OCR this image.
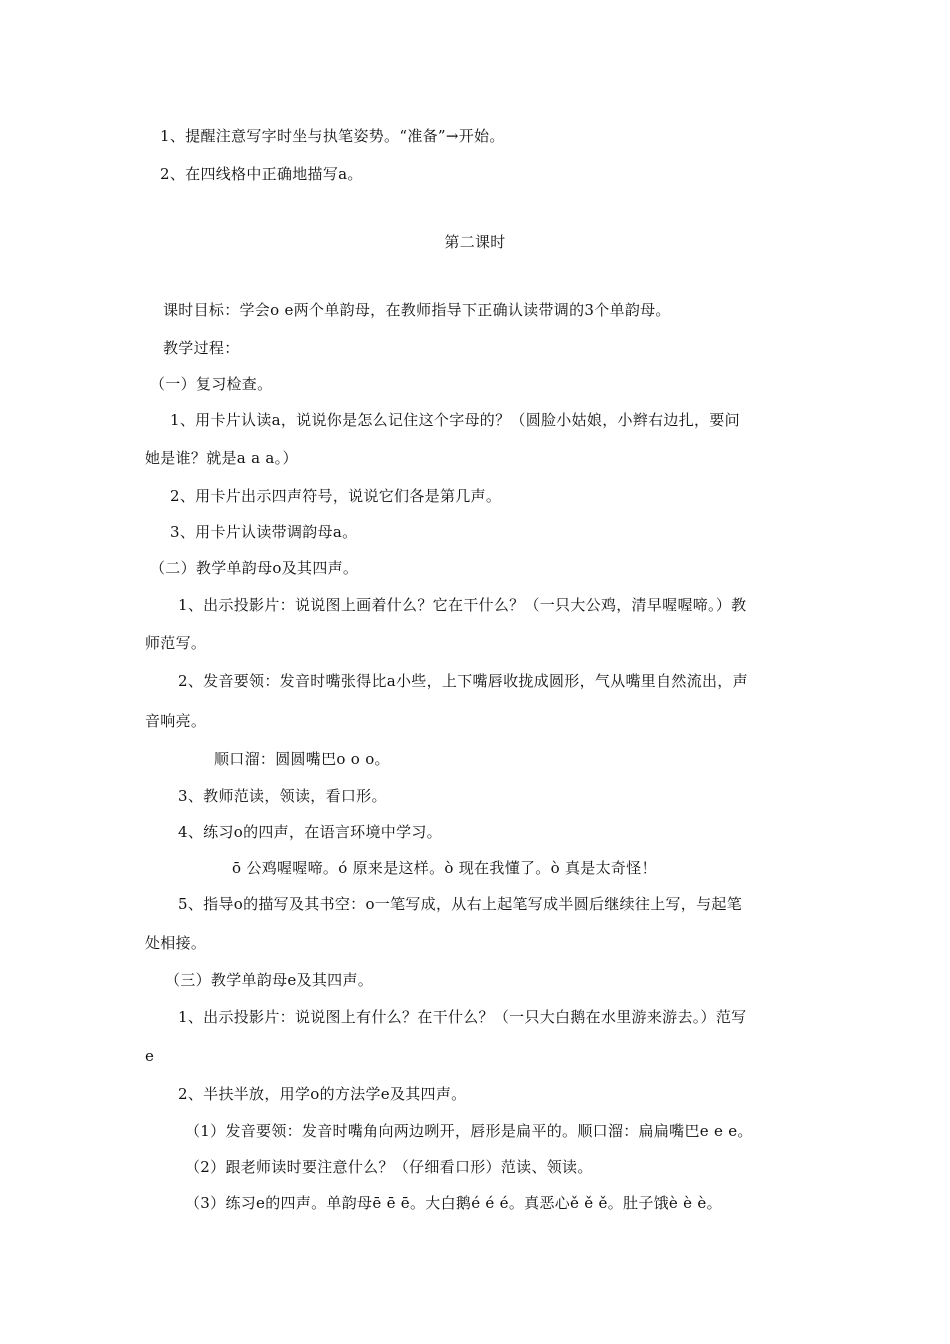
1、提醒注意写字时坐与执笔姿势。“准备”→开始。
2、在四线格中正确地描写a。
第二课时
课时目标：学会o e两个单韵母，在教师指导下正确认读带调的3个单韵母。
教学过程：
（一）复习检查。
1、用卡片认读a，说说你是怎么记住这个字母的？（圆脸小姑娘，小辫右边扎，要问
她是谁？就是a a a。）
2、用卡片出示四声符号，说说它们各是第几声。
3、用卡片认读带调韵母a。
（二）教学单韵母o及其四声。
1、出示投影片：说说图上画着什么？它在干什么？（一只大公鸡，清早喔喔啼。）教
师范写。
2、发音要领：发音时嘴张得比a小些，上下嘴唇收拢成圆形，气从嘴里自然流出，声
音响亮。
顺口溜：圆圆嘴巴o o o。
3、教师范读，领读，看口形。
4、练习o的四声，在语言环境中学习。
ō 公鸡喔喔啼。ó 原来是这样。ò 现在我懂了。ò 真是太奇怪！
5、指导o的描写及其书空：o一笔写成，从右上起笔写成半圆后继续往上写，与起笔
处相接。
（三）教学单韵母e及其四声。
1、出示投影片：说说图上有什么？在干什么？（一只大白鹅在水里游来游去。）范写
e
2、半扶半放，用学o的方法学e及其四声。
（1）发音要领：发音时嘴角向两边咧开，唇形是扁平的。顺口溜：扁扁嘴巴e e e。
（2）跟老师读时要注意什么？（仔细看口形）范读、领读。
（3）练习e的四声。单韵母ē ē ē。大白鹅é é é。真恶心ě ě ě。肚子饿è è è。
